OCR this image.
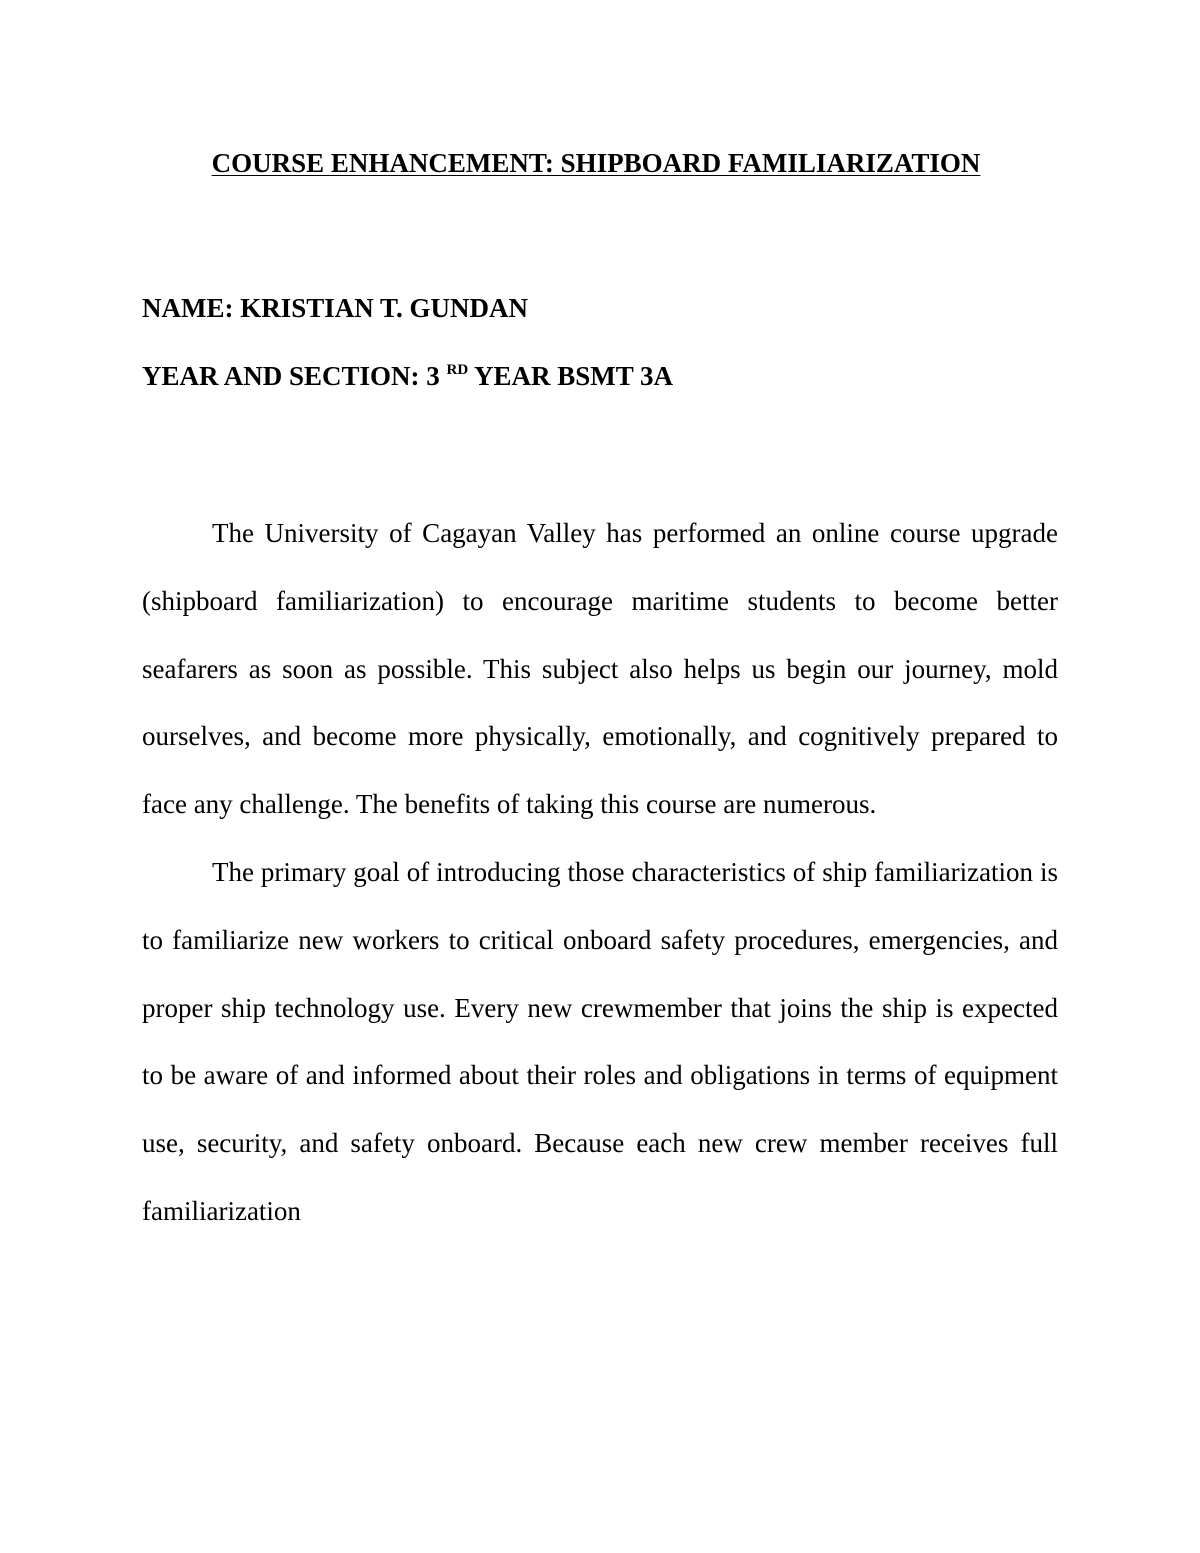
COURSE ENHANCEMENT: SHIPBOARD FAMILIARIZATION

NAME: KRISTIAN T. GUNDAN

YEAR AND SECTION: 3 $^{RD}$ YEAR BSMT 3A

The University of Cagayan Valley has performed an online course upgrade (shipboard familiarization) to encourage maritime students to become better seafarers as soon as possible. This subject also helps us begin our journey, mold ourselves, and become more physically, emotionally, and cognitively prepared to face any challenge. The benefits of taking this course are numerous.

The primary goal of introducing those characteristics of ship familiarization is to familiarize new workers to critical onboard safety procedures, emergencies, and proper ship technology use. Every new crewmember that joins the ship is expected to be aware of and informed about their roles and obligations in terms of equipment use, security, and safety onboard. Because each new crew member receives full familiarization
